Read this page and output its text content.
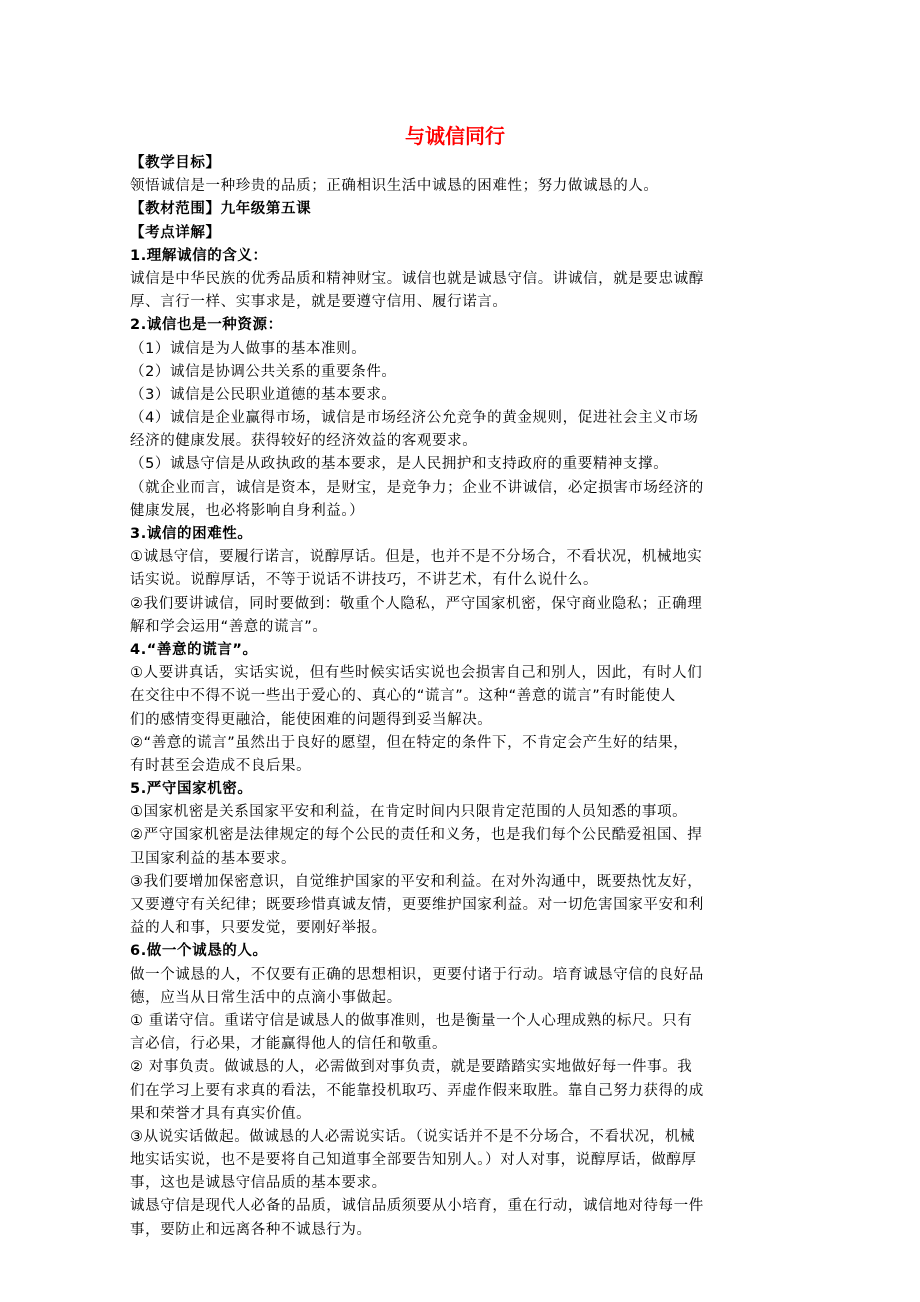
与诚信同行
【教学目标】
领悟诚信是一种珍贵的品质；正确相识生活中诚恳的困难性；努力做诚恳的人。
【教材范围】九年级第五课
【考点详解】
1.理解诚信的含义：
诚信是中华民族的优秀品质和精神财宝。诚信也就是诚恳守信。讲诚信，就是要忠诚醇
厚、言行一样、实事求是，就是要遵守信用、履行诺言。
2.诚信也是一种资源：
（1）诚信是为人做事的基本准则。
（2）诚信是协调公共关系的重要条件。
（3）诚信是公民职业道德的基本要求。
（4）诚信是企业赢得市场，诚信是市场经济公允竞争的黄金规则，促进社会主义市场
经济的健康发展。获得较好的经济效益的客观要求。
（5）诚恳守信是从政执政的基本要求，是人民拥护和支持政府的重要精神支撑。
（就企业而言，诚信是资本，是财宝，是竞争力；企业不讲诚信，必定损害市场经济的
健康发展，也必将影响自身利益。）
3.诚信的困难性。
①诚恳守信，要履行诺言，说醇厚话。但是，也并不是不分场合，不看状况，机械地实
话实说。说醇厚话，不等于说话不讲技巧，不讲艺术，有什么说什么。
②我们要讲诚信，同时要做到：敬重个人隐私，严守国家机密，保守商业隐私；正确理
解和学会运用“善意的谎言”。
4.“善意的谎言”。
①人要讲真话，实话实说，但有些时候实话实说也会损害自己和别人，因此，有时人们
在交往中不得不说一些出于爱心的、真心的“谎言”。这种“善意的谎言”有时能使人
们的感情变得更融洽，能使困难的问题得到妥当解决。
②“善意的谎言”虽然出于良好的愿望，但在特定的条件下，不肯定会产生好的结果，
有时甚至会造成不良后果。
5.严守国家机密。
①国家机密是关系国家平安和利益，在肯定时间内只限肯定范围的人员知悉的事项。
②严守国家机密是法律规定的每个公民的责任和义务，也是我们每个公民酷爱祖国、捍
卫国家利益的基本要求。
③我们要增加保密意识，自觉维护国家的平安和利益。在对外沟通中，既要热忱友好，
又要遵守有关纪律；既要珍惜真诚友情，更要维护国家利益。对一切危害国家平安和利
益的人和事，只要发觉，要刚好举报。
6.做一个诚恳的人。
做一个诚恳的人，不仅要有正确的思想相识，更要付诸于行动。培育诚恳守信的良好品
德，应当从日常生活中的点滴小事做起。
① 重诺守信。重诺守信是诚恳人的做事准则，也是衡量一个人心理成熟的标尺。只有
言必信，行必果，才能赢得他人的信任和敬重。
② 对事负责。做诚恳的人，必需做到对事负责，就是要踏踏实实地做好每一件事。我
们在学习上要有求真的看法，不能靠投机取巧、弄虚作假来取胜。靠自己努力获得的成
果和荣誉才具有真实价值。
③从说实话做起。做诚恳的人必需说实话。（说实话并不是不分场合，不看状况，机械
地实话实说，也不是要将自己知道事全部要告知别人。）对人对事，说醇厚话，做醇厚
事，这也是诚恳守信品质的基本要求。
诚恳守信是现代人必备的品质，诚信品质须要从小培育，重在行动，诚信地对待每一件
事，要防止和远离各种不诚恳行为。
